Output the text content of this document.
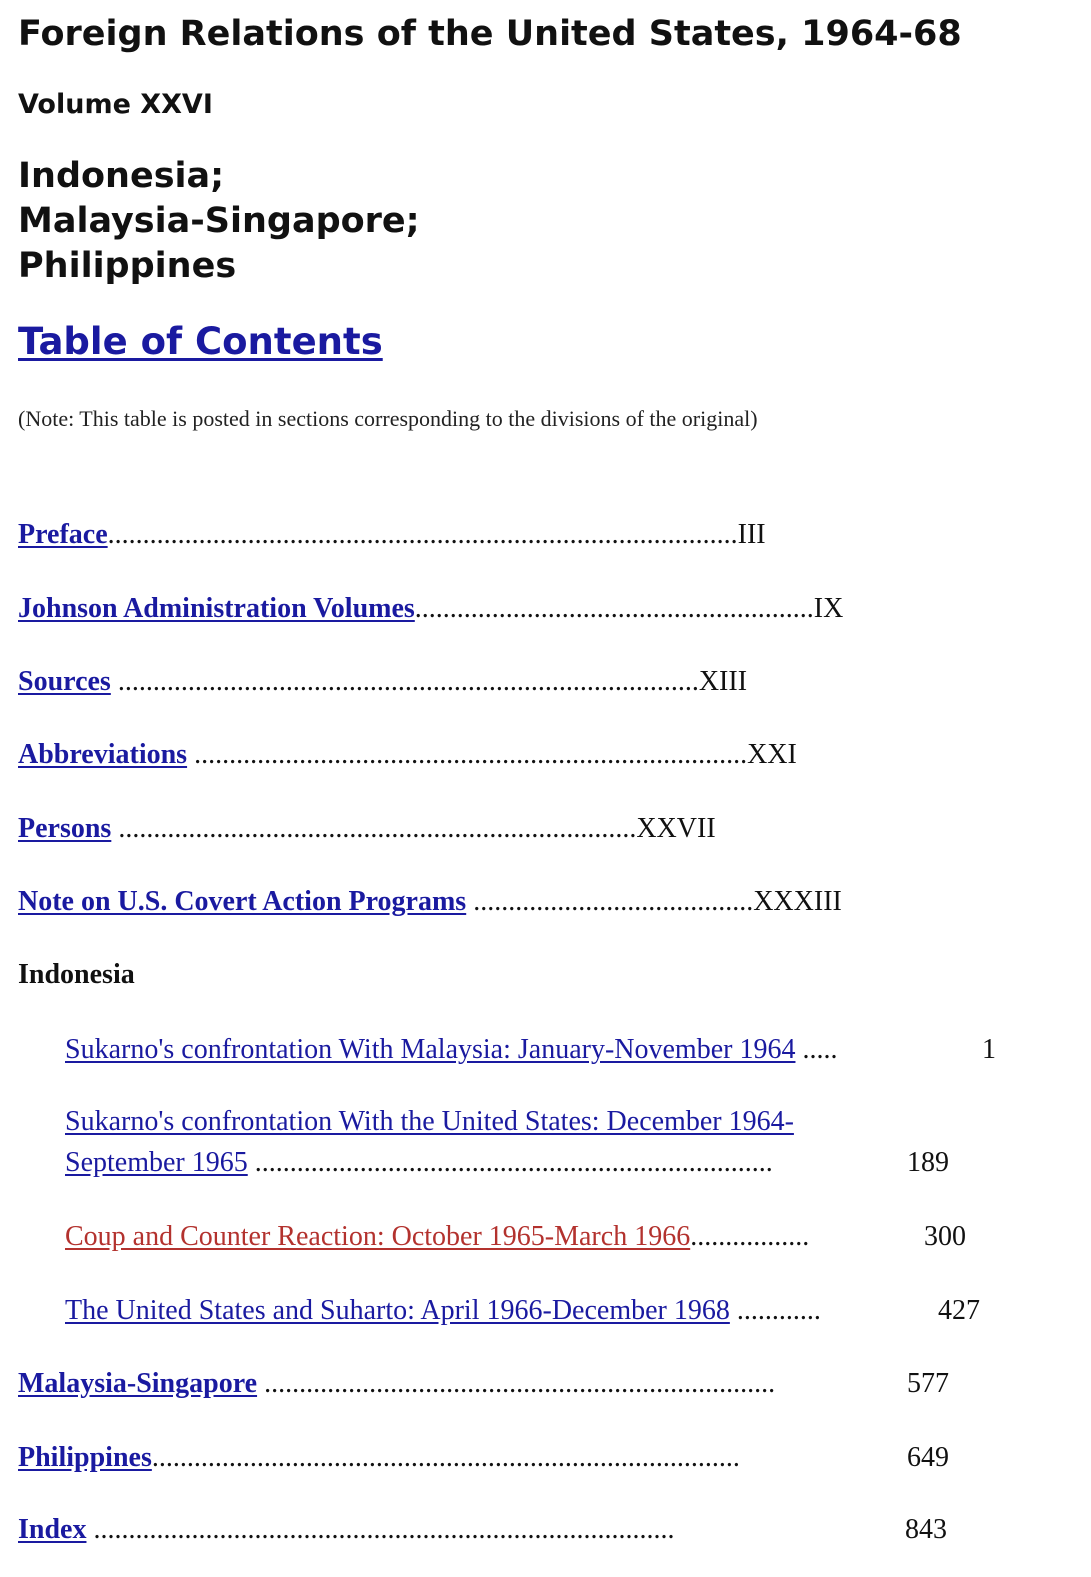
Foreign Relations of the United States, 1964-68
Volume XXVI
Indonesia;
Malaysia-Singapore;
Philippines
Table of Contents
(Note: This table is posted in sections corresponding to the divisions of the original)
Preface..........................................................................................III
Johnson Administration Volumes.........................................................IX
Sources ...................................................................................XIII
Abbreviations ...............................................................................XXI
Persons ..........................................................................XXVII
Note on U.S. Covert Action Programs ........................................XXXIII
Indonesia
Sukarno's confrontation With Malaysia: January-November 1964 .....	1
Sukarno's confrontation With the United States: December 1964-
September 1965 ..........................................................................	189
Coup and Counter Reaction: October 1965-March 1966.................	300
The United States and Suharto: April 1966-December 1968 ............	427
Malaysia-Singapore .........................................................................	577
Philippines....................................................................................	649
Index ...................................................................................	843
